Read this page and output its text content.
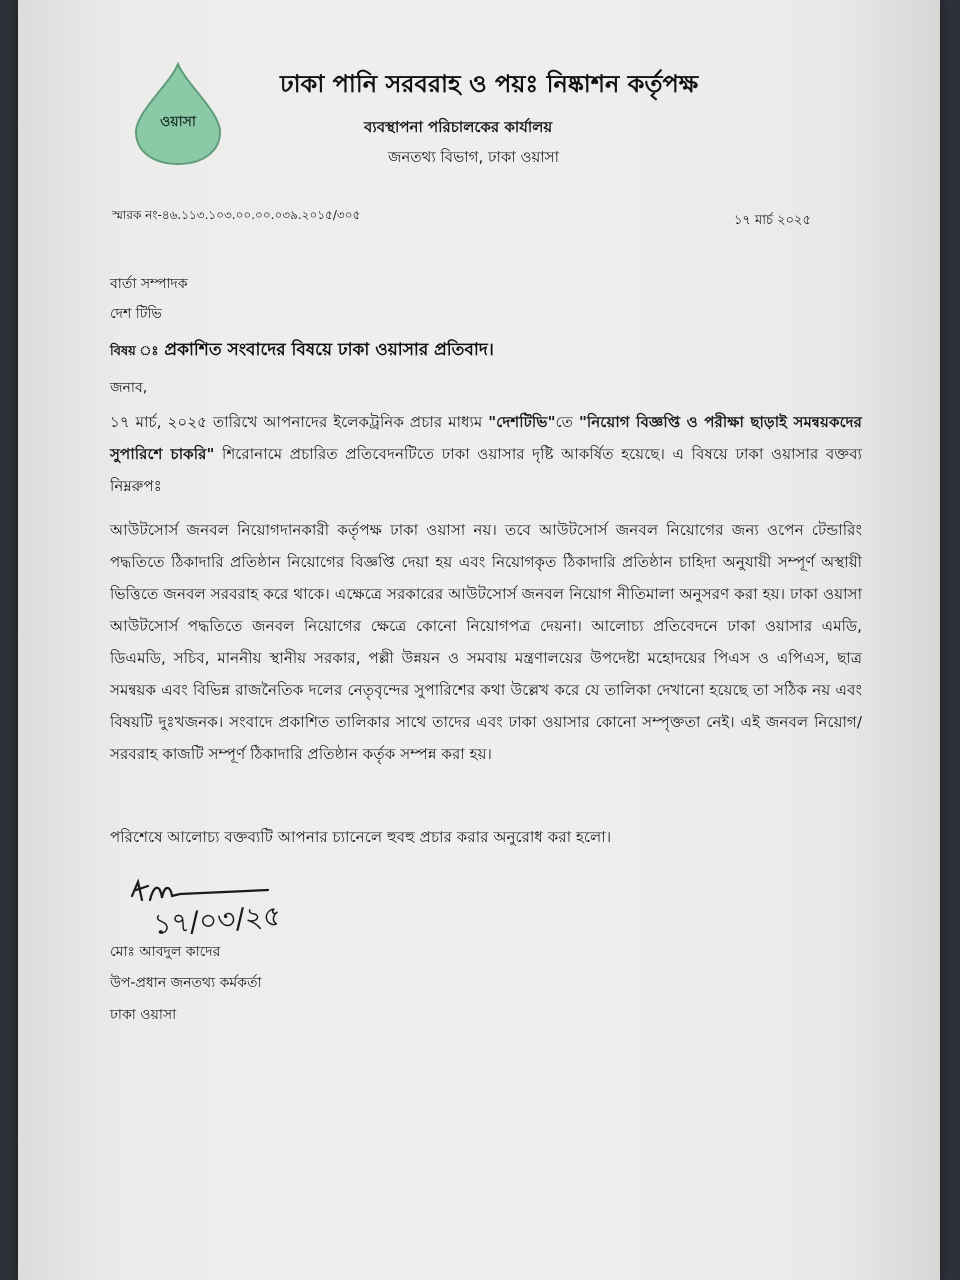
ওয়াসা
ঢাকা পানি সরবরাহ ও পয়ঃ নিষ্কাশন কর্তৃপক্ষ
ব্যবস্থাপনা পরিচালকের কার্যালয়
জনতথ্য বিভাগ, ঢাকা ওয়াসা
স্মারক নং-৪৬.১১৩.১০৩.০০.০০.০৩৯.২০১৫/৩০৫	১৭ মার্চ ২০২৫
বার্তা সম্পাদক
দেশ টিভি
বিষয় ঃ প্রকাশিত সংবাদের বিষয়ে ঢাকা ওয়াসার প্রতিবাদ।
জনাব,
১৭ মার্চ, ২০২৫ তারিখে আপনাদের ইলেকট্রনিক প্রচার মাধ্যম "দেশটিভি"তে "নিয়োগ বিজ্ঞপ্তি ও পরীক্ষা ছাড়াই সমন্বয়কদের সুপারিশে চাকরি" শিরোনামে প্রচারিত প্রতিবেদনটিতে ঢাকা ওয়াসার দৃষ্টি আকর্ষিত হয়েছে। এ বিষয়ে ঢাকা ওয়াসার বক্তব্য নিম্নরুপঃ
আউটসোর্স জনবল নিয়োগদানকারী কর্তৃপক্ষ ঢাকা ওয়াসা নয়। তবে আউটসোর্স জনবল নিয়োগের জন্য ওপেন টেন্ডারিং পদ্ধতিতে ঠিকাদারি প্রতিষ্ঠান নিয়োগের বিজ্ঞপ্তি দেয়া হয় এবং নিয়োগকৃত ঠিকাদারি প্রতিষ্ঠান চাহিদা অনুযায়ী সম্পূর্ণ অস্থায়ী ভিত্তিতে জনবল সরবরাহ করে থাকে। এক্ষেত্রে সরকারের আউটসোর্স জনবল নিয়োগ নীতিমালা অনুসরণ করা হয়। ঢাকা ওয়াসা আউটসোর্স পদ্ধতিতে জনবল নিয়োগের ক্ষেত্রে কোনো নিয়োগপত্র দেয়না। আলোচ্য প্রতিবেদনে ঢাকা ওয়াসার এমডি, ডিএমডি, সচিব, মাননীয় স্থানীয় সরকার, পল্লী উন্নয়ন ও সমবায় মন্ত্রণালয়ের উপদেষ্টা মহোদয়ের পিএস ও এপিএস, ছাত্র সমন্বয়ক এবং বিভিন্ন রাজনৈতিক দলের নেতৃবৃন্দের সুপারিশের কথা উল্লেখ করে যে তালিকা দেখানো হয়েছে তা সঠিক নয় এবং বিষয়টি দুঃখজনক। সংবাদে প্রকাশিত তালিকার সাথে তাদের এবং ঢাকা ওয়াসার কোনো সম্পৃক্ততা নেই। এই জনবল নিয়োগ/সরবরাহ কাজটি সম্পূর্ণ ঠিকাদারি প্রতিষ্ঠান কর্তৃক সম্পন্ন করা হয়।
পরিশেষে আলোচ্য বক্তব্যটি আপনার চ্যানেলে হুবহু প্রচার করার অনুরোধ করা হলো।
১৭/০৩/২৫
মোঃ আবদুল কাদের
উপ-প্রধান জনতথ্য কর্মকর্তা
ঢাকা ওয়াসা
